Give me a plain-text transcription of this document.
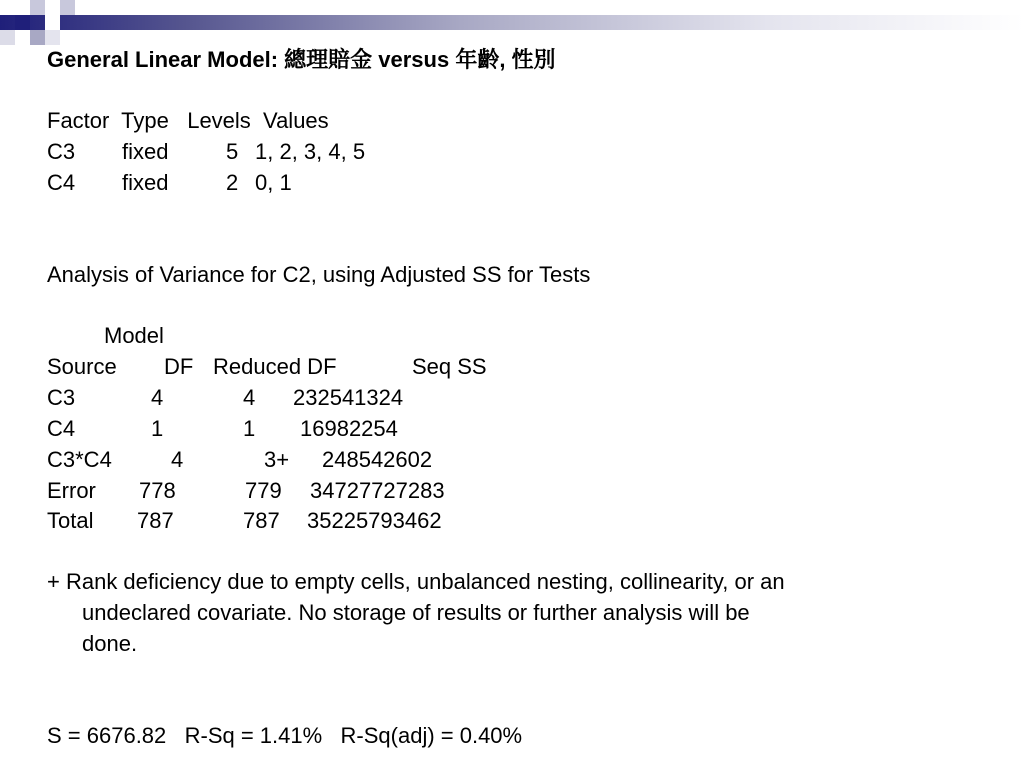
General Linear Model: 總理賠金 versus 年齡, 性別
Factor  Type   Levels  Values
C3 fixed	5 1, 2, 3, 4, 5
C4 fixed	2 0, 1
Analysis of Variance for C2, using Adjusted SS for Tests
Model
Source DF Reduced DF	Seq SS
C3	4	4 232541324
C4	1	1 16982254
C3*C4	4	3+ 248542602
Error 778	779 34727727283
Total 787	787 35225793462
+ Rank deficiency due to empty cells, unbalanced nesting, collinearity, or an
undeclared covariate. No storage of results or further analysis will be
done.
S = 6676.82   R-Sq = 1.41%   R-Sq(adj) = 0.40%
